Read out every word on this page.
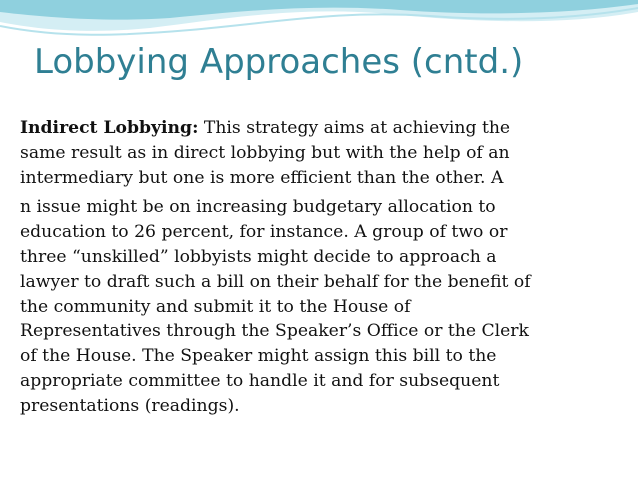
Lobbying Approaches (cntd.)
Indirect Lobbying: This strategy aims at achieving the
same result as in direct lobbying but with the help of an
intermediary but one is more efficient than the other. A
n issue might be on increasing budgetary allocation to
education to 26 percent, for instance. A group of two or
three “unskilled” lobbyists might decide to approach a
lawyer to draft such a bill on their behalf for the benefit of
the community and submit it to the House of
Representatives through the Speaker’s Office or the Clerk
of the House. The Speaker might assign this bill to the
appropriate committee to handle it and for subsequent
presentations (readings).
